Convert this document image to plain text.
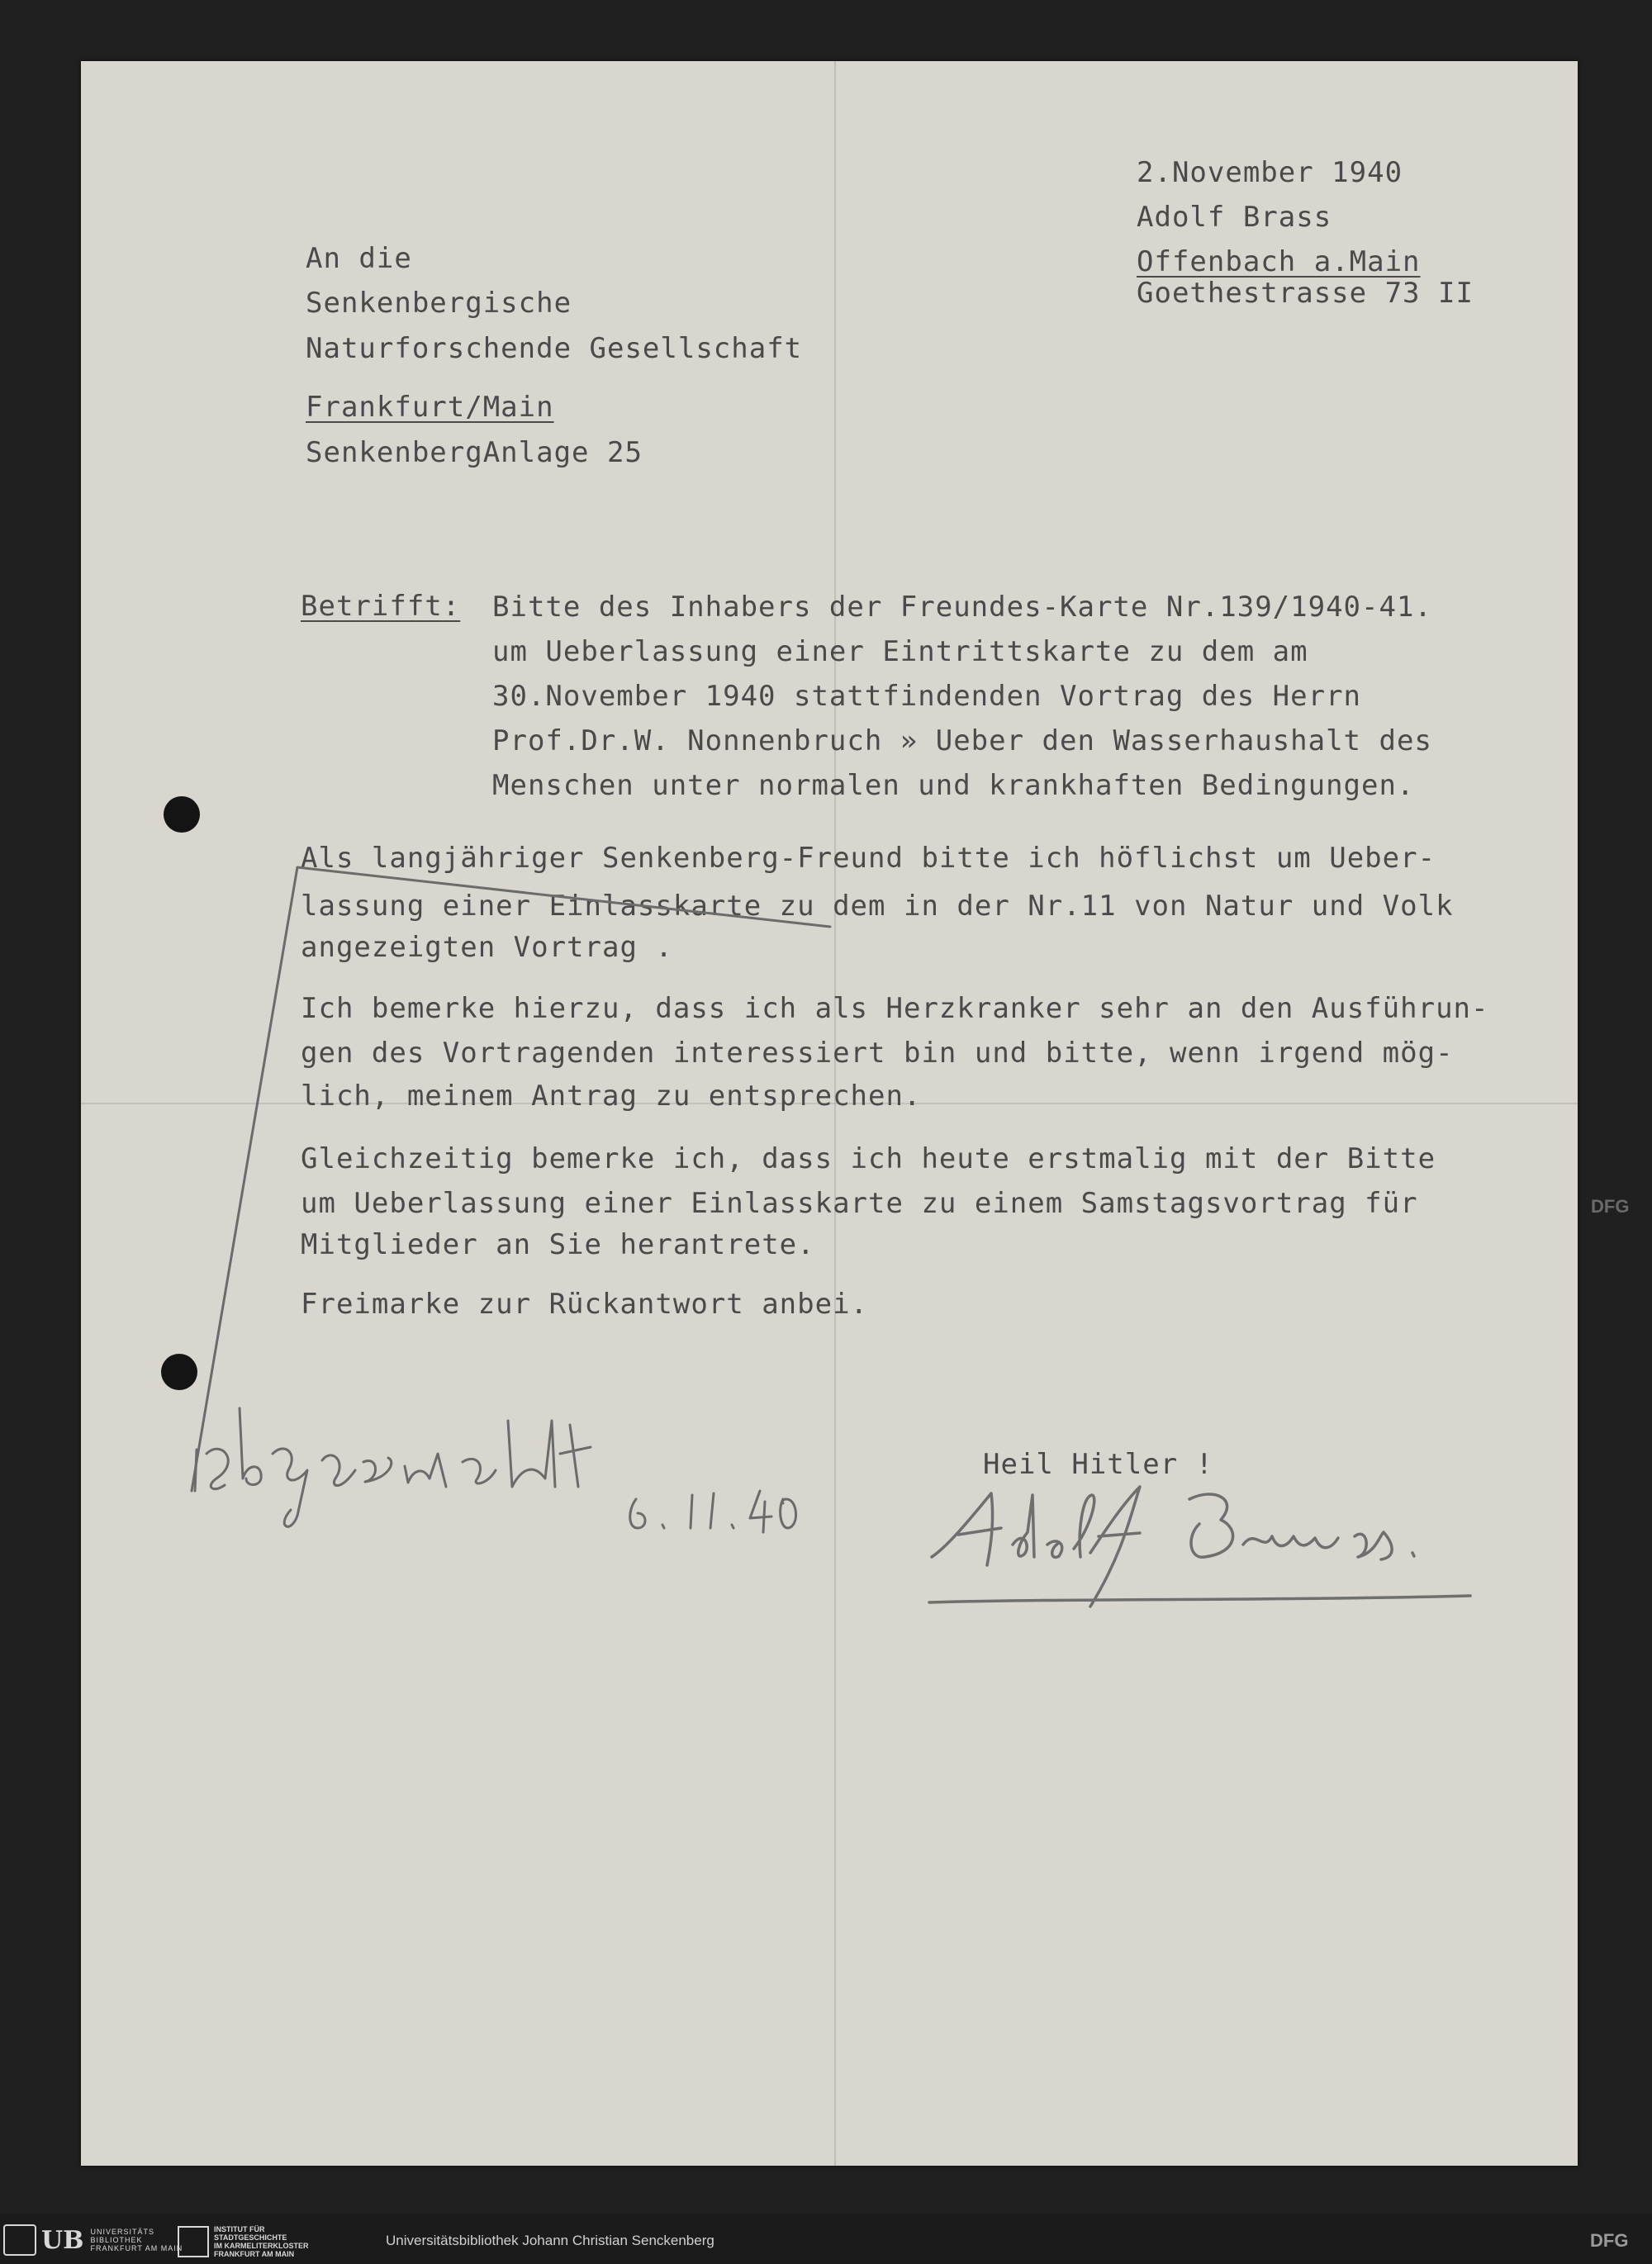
2.November 1940
Adolf Brass
Offenbach a.Main
Goethestrasse 73 II
An die
Senkenbergische
Naturforschende Gesellschaft
Frankfurt/Main
SenkenbergAnlage 25
Betrifft: Bitte des Inhabers der Freundes-Karte Nr.139/1940-41.
um Ueberlassung einer Eintrittskarte zu dem am
30.November 1940 stattfindenden Vortrag des Herrn
Prof.Dr.W. Nonnenbruch » Ueber den Wasserhaushalt des
Menschen unter normalen und krankhaften Bedingungen.
Als langjähriger Senkenberg-Freund bitte ich höflichst um Ueber-
lassung einer Einlasskarte zu dem in der Nr.11 von Natur und Volk
angezeigten Vortrag .
Ich bemerke hierzu, dass ich als Herzkranker sehr an den Ausführun-
gen des Vortragenden interessiert bin und bitte, wenn irgend mög-
lich, meinem Antrag zu entsprechen.
Gleichzeitig bemerke ich, dass ich heute erstmalig mit der Bitte
um Ueberlassung einer Einlasskarte zu einem Samstagsvortrag für
Mitglieder an Sie herantrete.
Freimarke zur Rückantwort anbei.
Heil Hitler !
UB UNIVERSITÄTS
BIBLIOTHEK
FRANKFURT AM MAIN
INSTITUT FÜR
STADTGESCHICHTE
IM KARMELITERKLOSTER
FRANKFURT AM MAIN
Universitätsbibliothek Johann Christian Senckenberg	DFG
DFG
